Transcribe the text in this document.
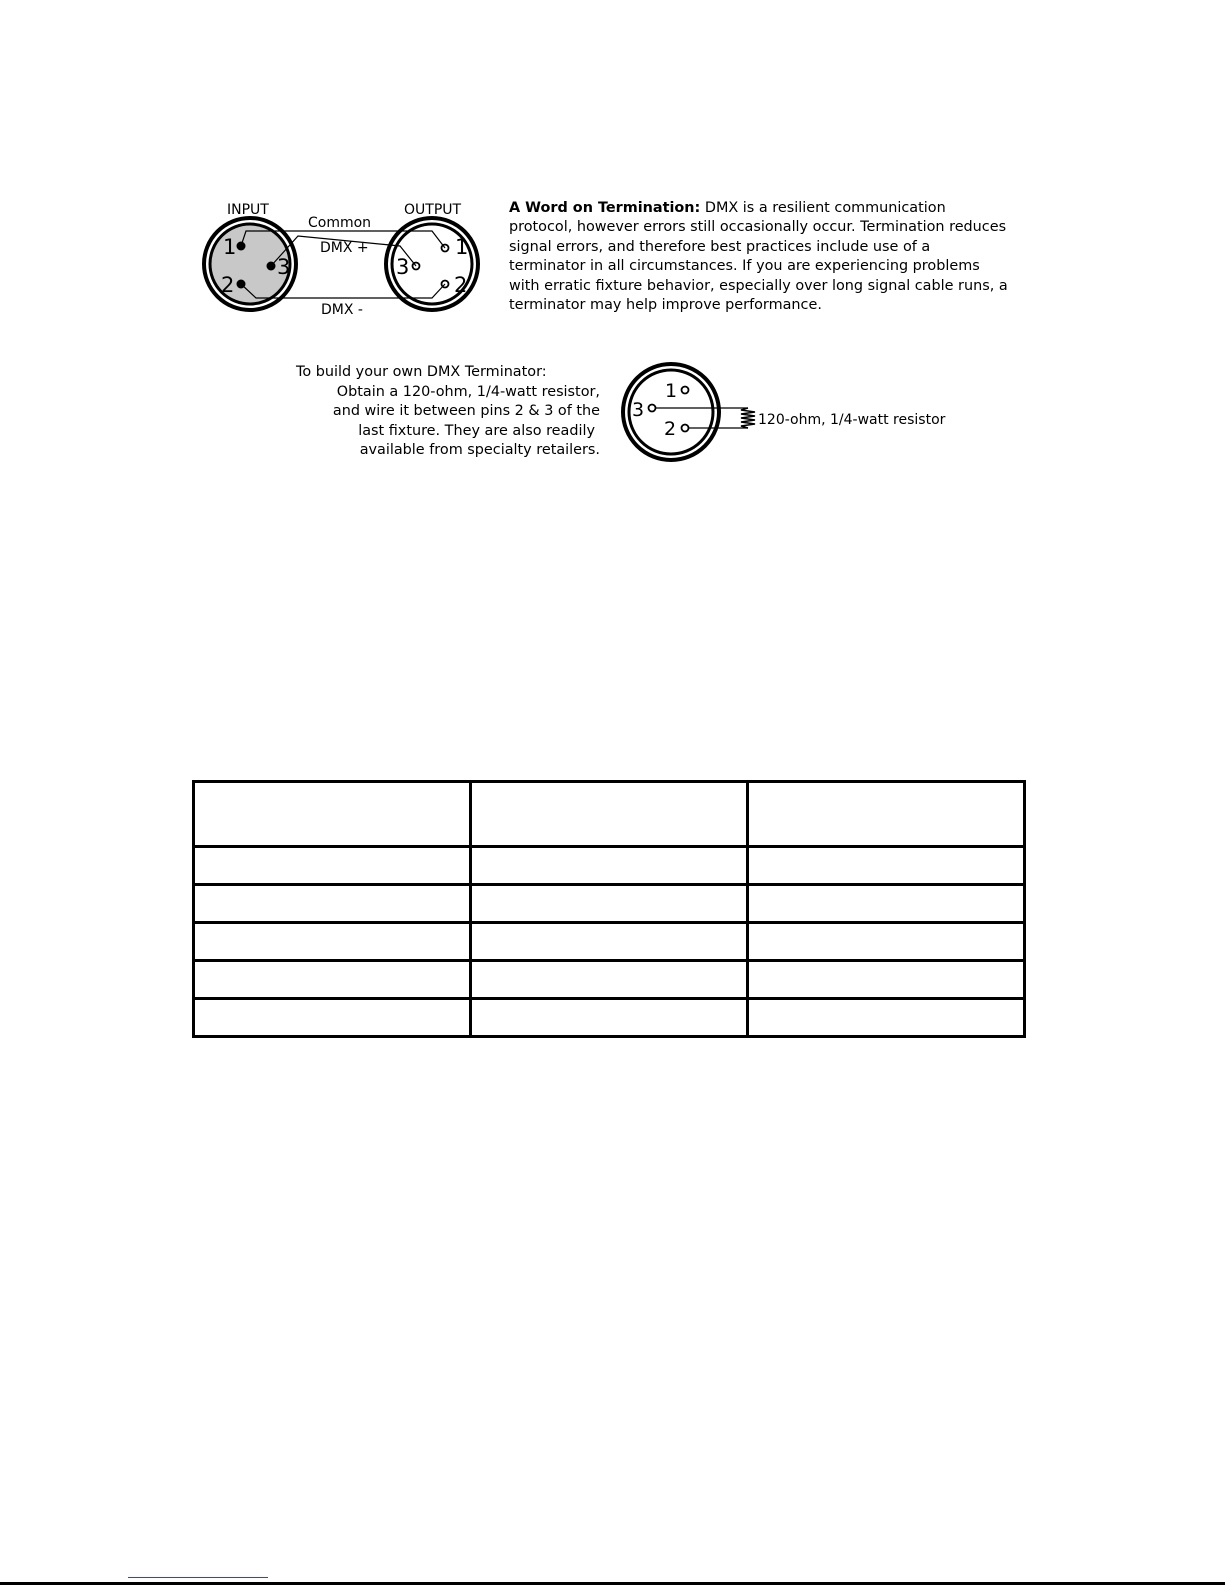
1
3
2
INPUT
1
3
2
OUTPUT
Common
DMX +
DMX -
1
3
2	120-ohm, 1/4-watt resistor
A Word on Termination: DMX is a resilient communication protocol, however errors still occasionally occur. Termination reduces signal errors, and therefore best practices include use of a terminator in all circumstances. If you are experiencing problems with erratic fixture behavior, especially over long signal cable runs, a terminator may help improve performance.
To build your own DMX Terminator:
Obtain a 120-ohm, 1/4-watt resistor,
and wire it between pins 2 & 3 of the
last fixture. They are also readily
available from specialty retailers.
